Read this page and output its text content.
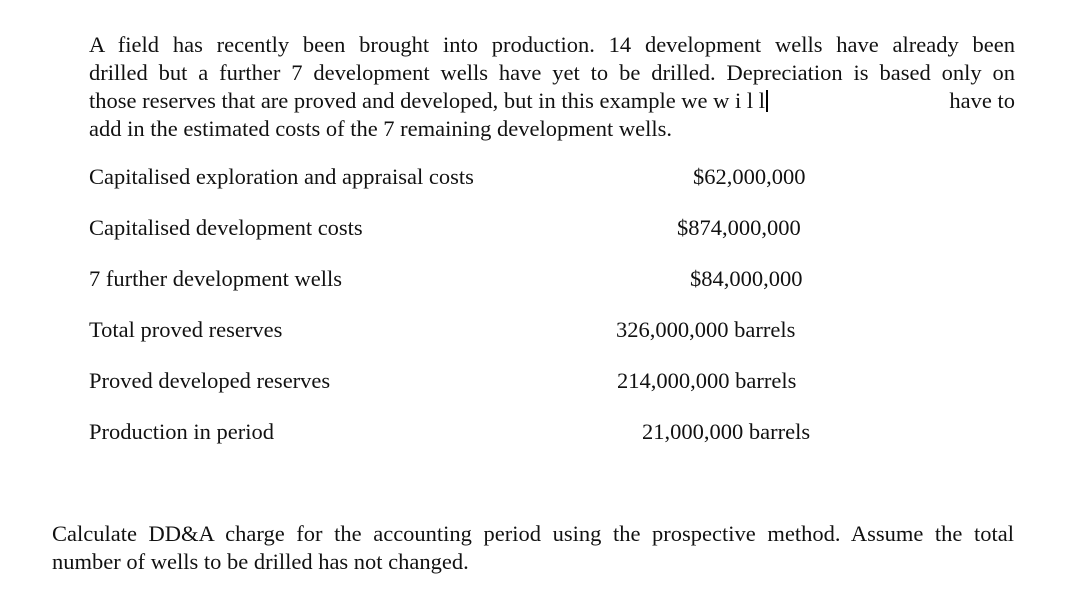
A field has recently been brought into production. 14 development wells have already been
drilled but a further 7 development wells have yet to be drilled. Depreciation is based only on
those reserves that are proved and developed, but in this example we w i l l	have to
add in the estimated costs of the 7 remaining development wells.
Capitalised exploration and appraisal costs	$62,000,000
Capitalised development costs	$874,000,000
7 further development wells	$84,000,000
Total proved reserves	326,000,000 barrels
Proved developed reserves	214,000,000 barrels
Production in period	21,000,000 barrels
Calculate DD&A charge for the accounting period using the prospective method. Assume the total
number of wells to be drilled has not changed.
